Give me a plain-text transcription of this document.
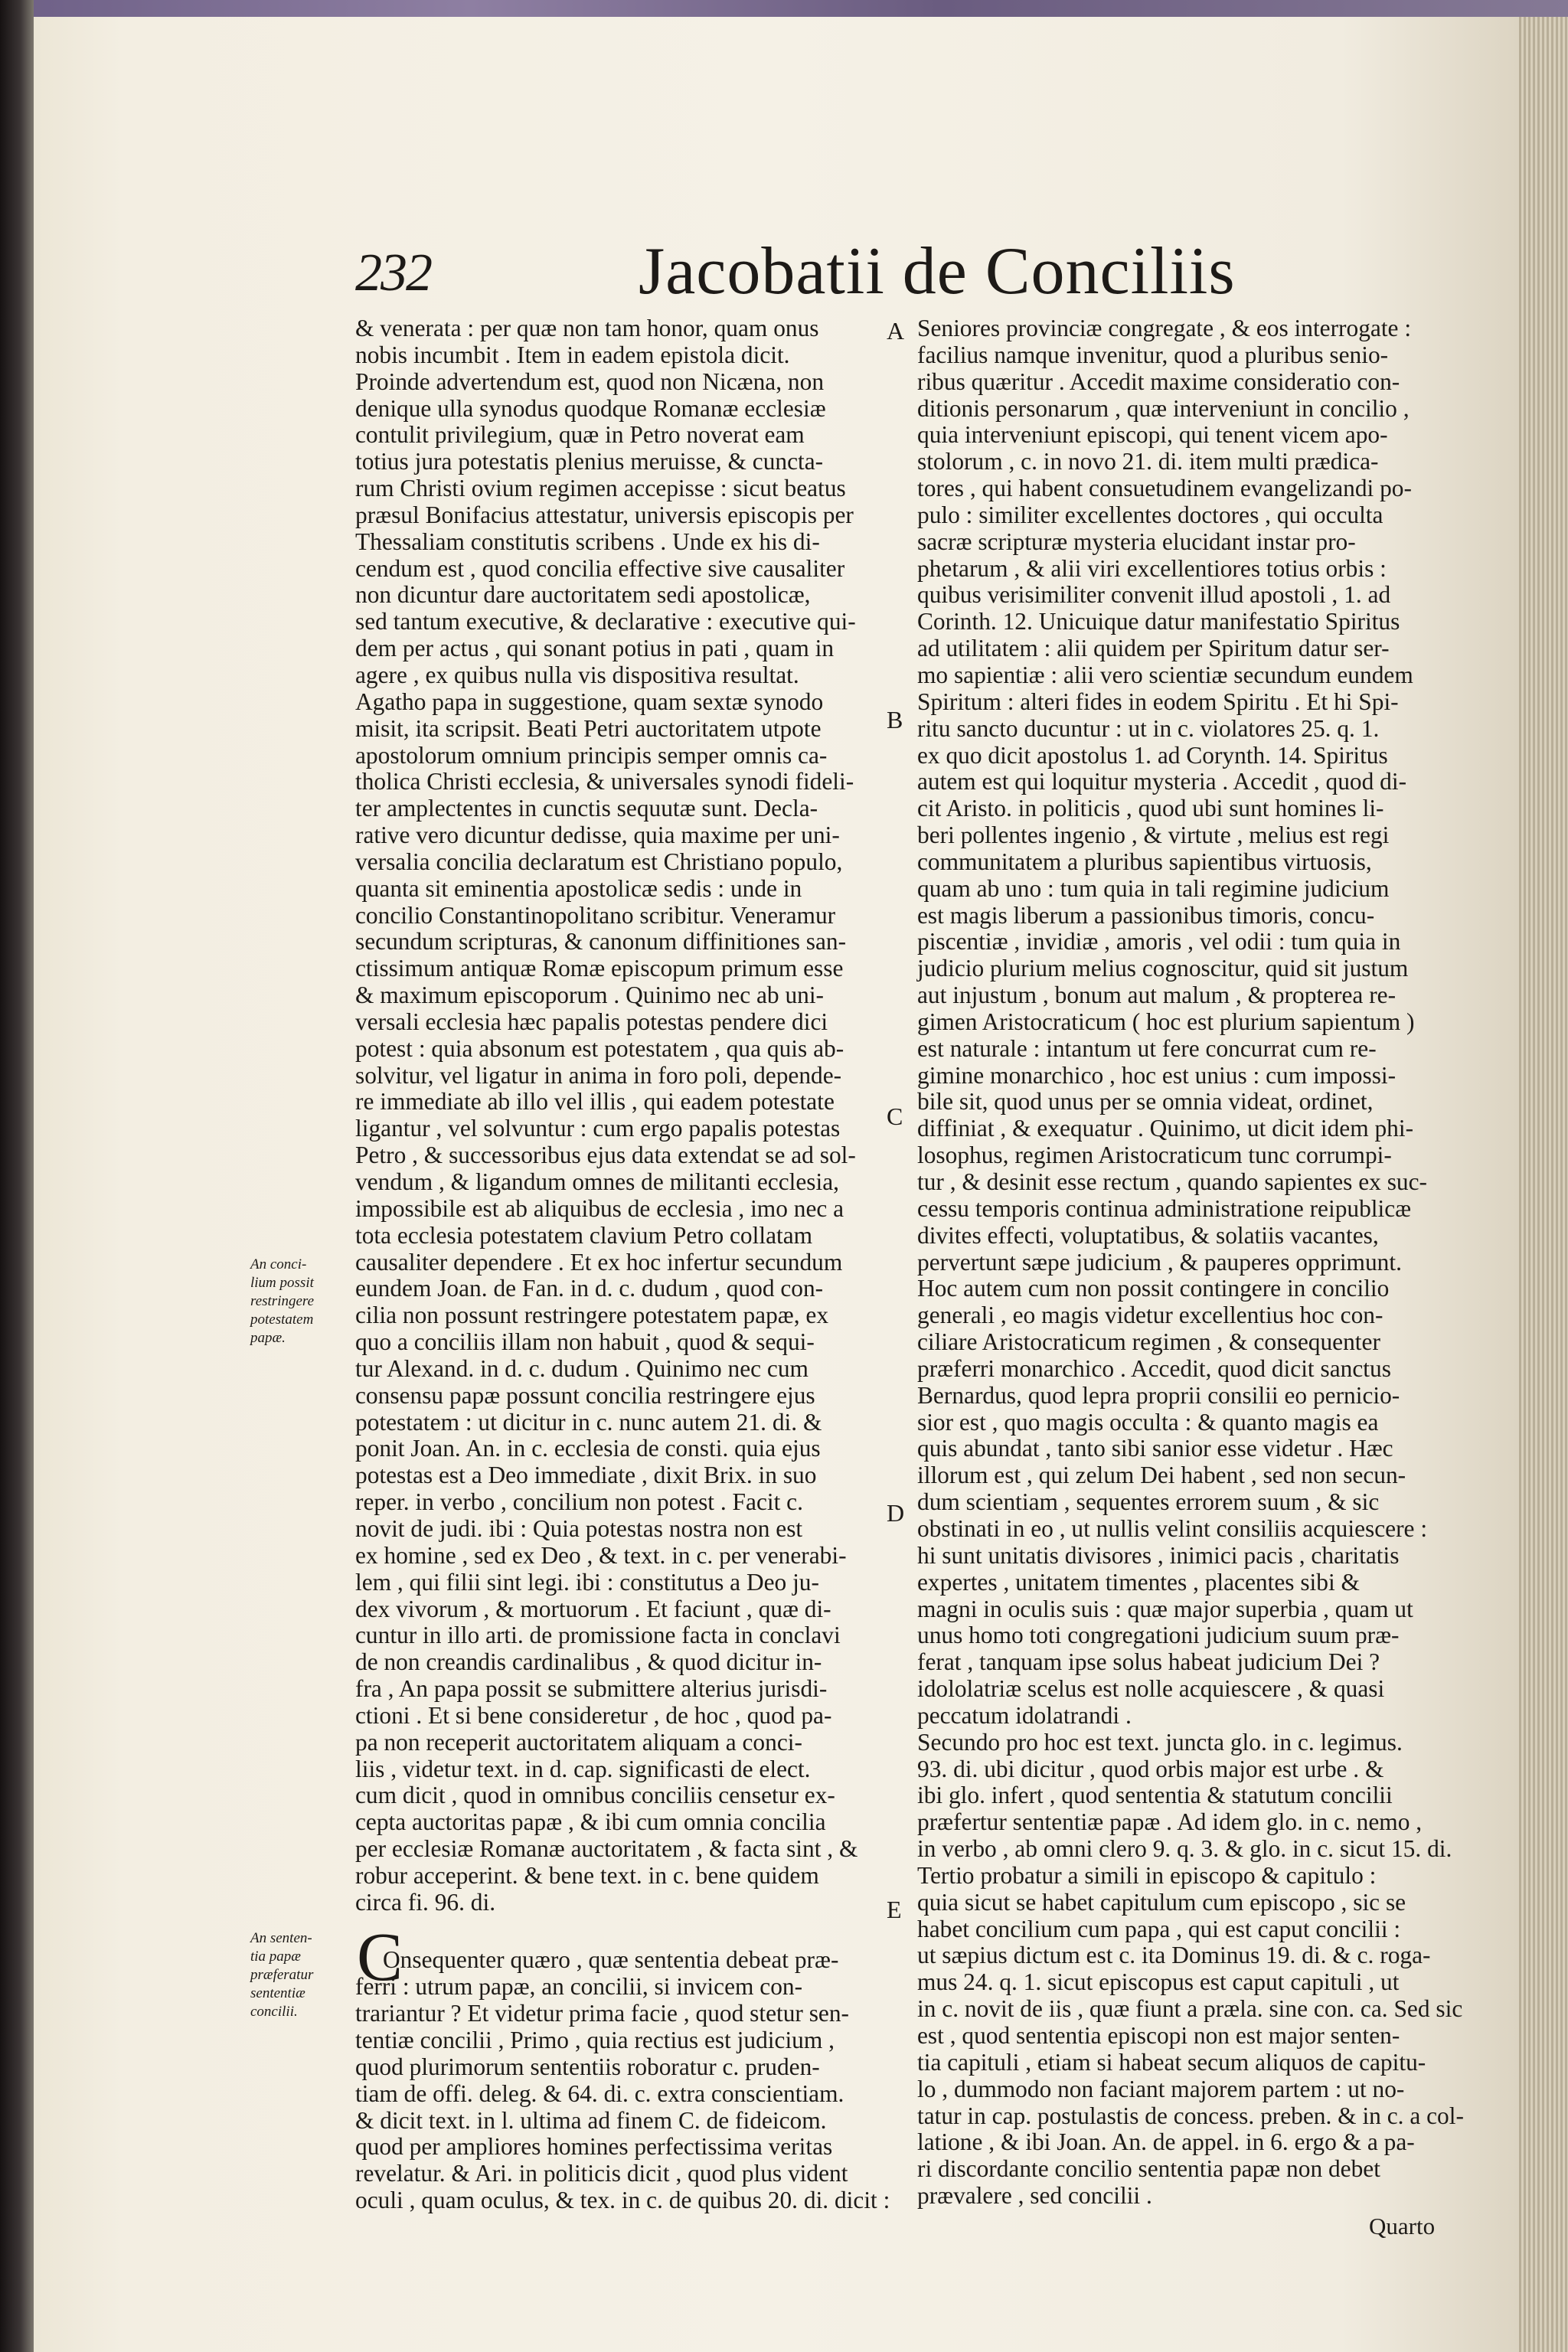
232	Jacobatii de Conciliis
An conci-
lium possit
restringere
potestatem
papæ.
An senten-
tia papæ
præferatur
sententiæ
concilii.
A
B
C
D
E
C
& venerata : per quæ non tam honor, quam onus
nobis incumbit . Item in eadem epistola dicit.
Proinde advertendum est, quod non Nicæna, non
denique ulla synodus quodque Romanæ ecclesiæ
contulit privilegium, quæ in Petro noverat eam
totius jura potestatis plenius meruisse, & cuncta-
rum Christi ovium regimen accepisse : sicut beatus
præsul Bonifacius attestatur, universis episcopis per
Thessaliam constitutis scribens . Unde ex his di-
cendum est , quod concilia effective sive causaliter
non dicuntur dare auctoritatem sedi apostolicæ,
sed tantum executive, & declarative : executive qui-
dem per actus , qui sonant potius in pati , quam in
agere , ex quibus nulla vis dispositiva resultat.
Agatho papa in suggestione, quam sextæ synodo
misit, ita scripsit. Beati Petri auctoritatem utpote
apostolorum omnium principis semper omnis ca-
tholica Christi ecclesia, & universales synodi fideli-
ter amplectentes in cunctis sequutæ sunt. Decla-
rative vero dicuntur dedisse, quia maxime per uni-
versalia concilia declaratum est Christiano populo,
quanta sit eminentia apostolicæ sedis : unde in
concilio Constantinopolitano scribitur. Veneramur
secundum scripturas, & canonum diffinitiones san-
ctissimum antiquæ Romæ episcopum primum esse
& maximum episcoporum . Quinimo nec ab uni-
versali ecclesia hæc papalis potestas pendere dici
potest : quia absonum est potestatem , qua quis ab-
solvitur, vel ligatur in anima in foro poli, depende-
re immediate ab illo vel illis , qui eadem potestate
ligantur , vel solvuntur : cum ergo papalis potestas
Petro , & successoribus ejus data extendat se ad sol-
vendum , & ligandum omnes de militanti ecclesia,
impossibile est ab aliquibus de ecclesia , imo nec a
tota ecclesia potestatem clavium Petro collatam
causaliter dependere . Et ex hoc infertur secundum
eundem Joan. de Fan. in d. c. dudum , quod con-
cilia non possunt restringere potestatem papæ, ex
quo a conciliis illam non habuit , quod & sequi-
tur Alexand. in d. c. dudum . Quinimo nec cum
consensu papæ possunt concilia restringere ejus
potestatem : ut dicitur in c. nunc autem 21. di. &
ponit Joan. An. in c. ecclesia de consti. quia ejus
potestas est a Deo immediate , dixit Brix. in suo
reper. in verbo , concilium non potest . Facit c.
novit de judi. ibi : Quia potestas nostra non est
ex homine , sed ex Deo , & text. in c. per venerabi-
lem , qui filii sint legi. ibi : constitutus a Deo ju-
dex vivorum , & mortuorum . Et faciunt , quæ di-
cuntur in illo arti. de promissione facta in conclavi
de non creandis cardinalibus , & quod dicitur in-
fra , An papa possit se submittere alterius jurisdi-
ctioni . Et si bene consideretur , de hoc , quod pa-
pa non receperit auctoritatem aliquam a conci-
liis , videtur text. in d. cap. significasti de elect.
cum dicit , quod in omnibus conciliis censetur ex-
cepta auctoritas papæ , & ibi cum omnia concilia
per ecclesiæ Romanæ auctoritatem , & facta sint , &
robur acceperint. & bene text. in c. bene quidem
circa fi. 96. di.
Onsequenter quæro , quæ sententia debeat præ-
ferri : utrum papæ, an concilii, si invicem con-
trariantur ? Et videtur prima facie , quod stetur sen-
tentiæ concilii , Primo , quia rectius est judicium ,
quod plurimorum sententiis roboratur c. pruden-
tiam de offi. deleg. & 64. di. c. extra conscientiam.
& dicit text. in l. ultima ad finem C. de fideicom.
quod per ampliores homines perfectissima veritas
revelatur. & Ari. in politicis dicit , quod plus vident
oculi , quam oculus, & tex. in c. de quibus 20. di. dicit :
Seniores provinciæ congregate , & eos interrogate :
facilius namque invenitur, quod a pluribus senio-
ribus quæritur . Accedit maxime consideratio con-
ditionis personarum , quæ interveniunt in concilio ,
quia interveniunt episcopi, qui tenent vicem apo-
stolorum , c. in novo 21. di. item multi prædica-
tores , qui habent consuetudinem evangelizandi po-
pulo : similiter excellentes doctores , qui occulta
sacræ scripturæ mysteria elucidant instar pro-
phetarum , & alii viri excellentiores totius orbis :
quibus verisimiliter convenit illud apostoli , 1. ad
Corinth. 12. Unicuique datur manifestatio Spiritus
ad utilitatem : alii quidem per Spiritum datur ser-
mo sapientiæ : alii vero scientiæ secundum eundem
Spiritum : alteri fides in eodem Spiritu . Et hi Spi-
ritu sancto ducuntur : ut in c. violatores 25. q. 1.
ex quo dicit apostolus 1. ad Corynth. 14. Spiritus
autem est qui loquitur mysteria . Accedit , quod di-
cit Aristo. in politicis , quod ubi sunt homines li-
beri pollentes ingenio , & virtute , melius est regi
communitatem a pluribus sapientibus virtuosis,
quam ab uno : tum quia in tali regimine judicium
est magis liberum a passionibus timoris, concu-
piscentiæ , invidiæ , amoris , vel odii : tum quia in
judicio plurium melius cognoscitur, quid sit justum
aut injustum , bonum aut malum , & propterea re-
gimen Aristocraticum ( hoc est plurium sapientum )
est naturale : intantum ut fere concurrat cum re-
gimine monarchico , hoc est unius : cum impossi-
bile sit, quod unus per se omnia videat, ordinet,
diffiniat , & exequatur . Quinimo, ut dicit idem phi-
losophus, regimen Aristocraticum tunc corrumpi-
tur , & desinit esse rectum , quando sapientes ex suc-
cessu temporis continua administratione reipublicæ
divites effecti, voluptatibus, & solatiis vacantes,
pervertunt sæpe judicium , & pauperes opprimunt.
Hoc autem cum non possit contingere in concilio
generali , eo magis videtur excellentius hoc con-
ciliare Aristocraticum regimen , & consequenter
præferri monarchico . Accedit, quod dicit sanctus
Bernardus, quod lepra proprii consilii eo pernicio-
sior est , quo magis occulta : & quanto magis ea
quis abundat , tanto sibi sanior esse videtur . Hæc
illorum est , qui zelum Dei habent , sed non secun-
dum scientiam , sequentes errorem suum , & sic
obstinati in eo , ut nullis velint consiliis acquiescere :
hi sunt unitatis divisores , inimici pacis , charitatis
expertes , unitatem timentes , placentes sibi &
magni in oculis suis : quæ major superbia , quam ut
unus homo toti congregationi judicium suum præ-
ferat , tanquam ipse solus habeat judicium Dei ?
idololatriæ scelus est nolle acquiescere , & quasi
peccatum idolatrandi .
Secundo pro hoc est text. juncta glo. in c. legimus.
93. di. ubi dicitur , quod orbis major est urbe . &
ibi glo. infert , quod sententia & statutum concilii
præfertur sententiæ papæ . Ad idem glo. in c. nemo ,
in verbo , ab omni clero 9. q. 3. & glo. in c. sicut 15. di.
Tertio probatur a simili in episcopo & capitulo :
quia sicut se habet capitulum cum episcopo , sic se
habet concilium cum papa , qui est caput concilii :
ut sæpius dictum est c. ita Dominus 19. di. & c. roga-
mus 24. q. 1. sicut episcopus est caput capituli , ut
in c. novit de iis , quæ fiunt a præla. sine con. ca. Sed sic
est , quod sententia episcopi non est major senten-
tia capituli , etiam si habeat secum aliquos de capitu-
lo , dummodo non faciant majorem partem : ut no-
tatur in cap. postulastis de concess. preben. & in c. a col-
latione , & ibi Joan. An. de appel. in 6. ergo & a pa-
ri discordante concilio sententia papæ non debet
prævalere , sed concilii .
Quarto
